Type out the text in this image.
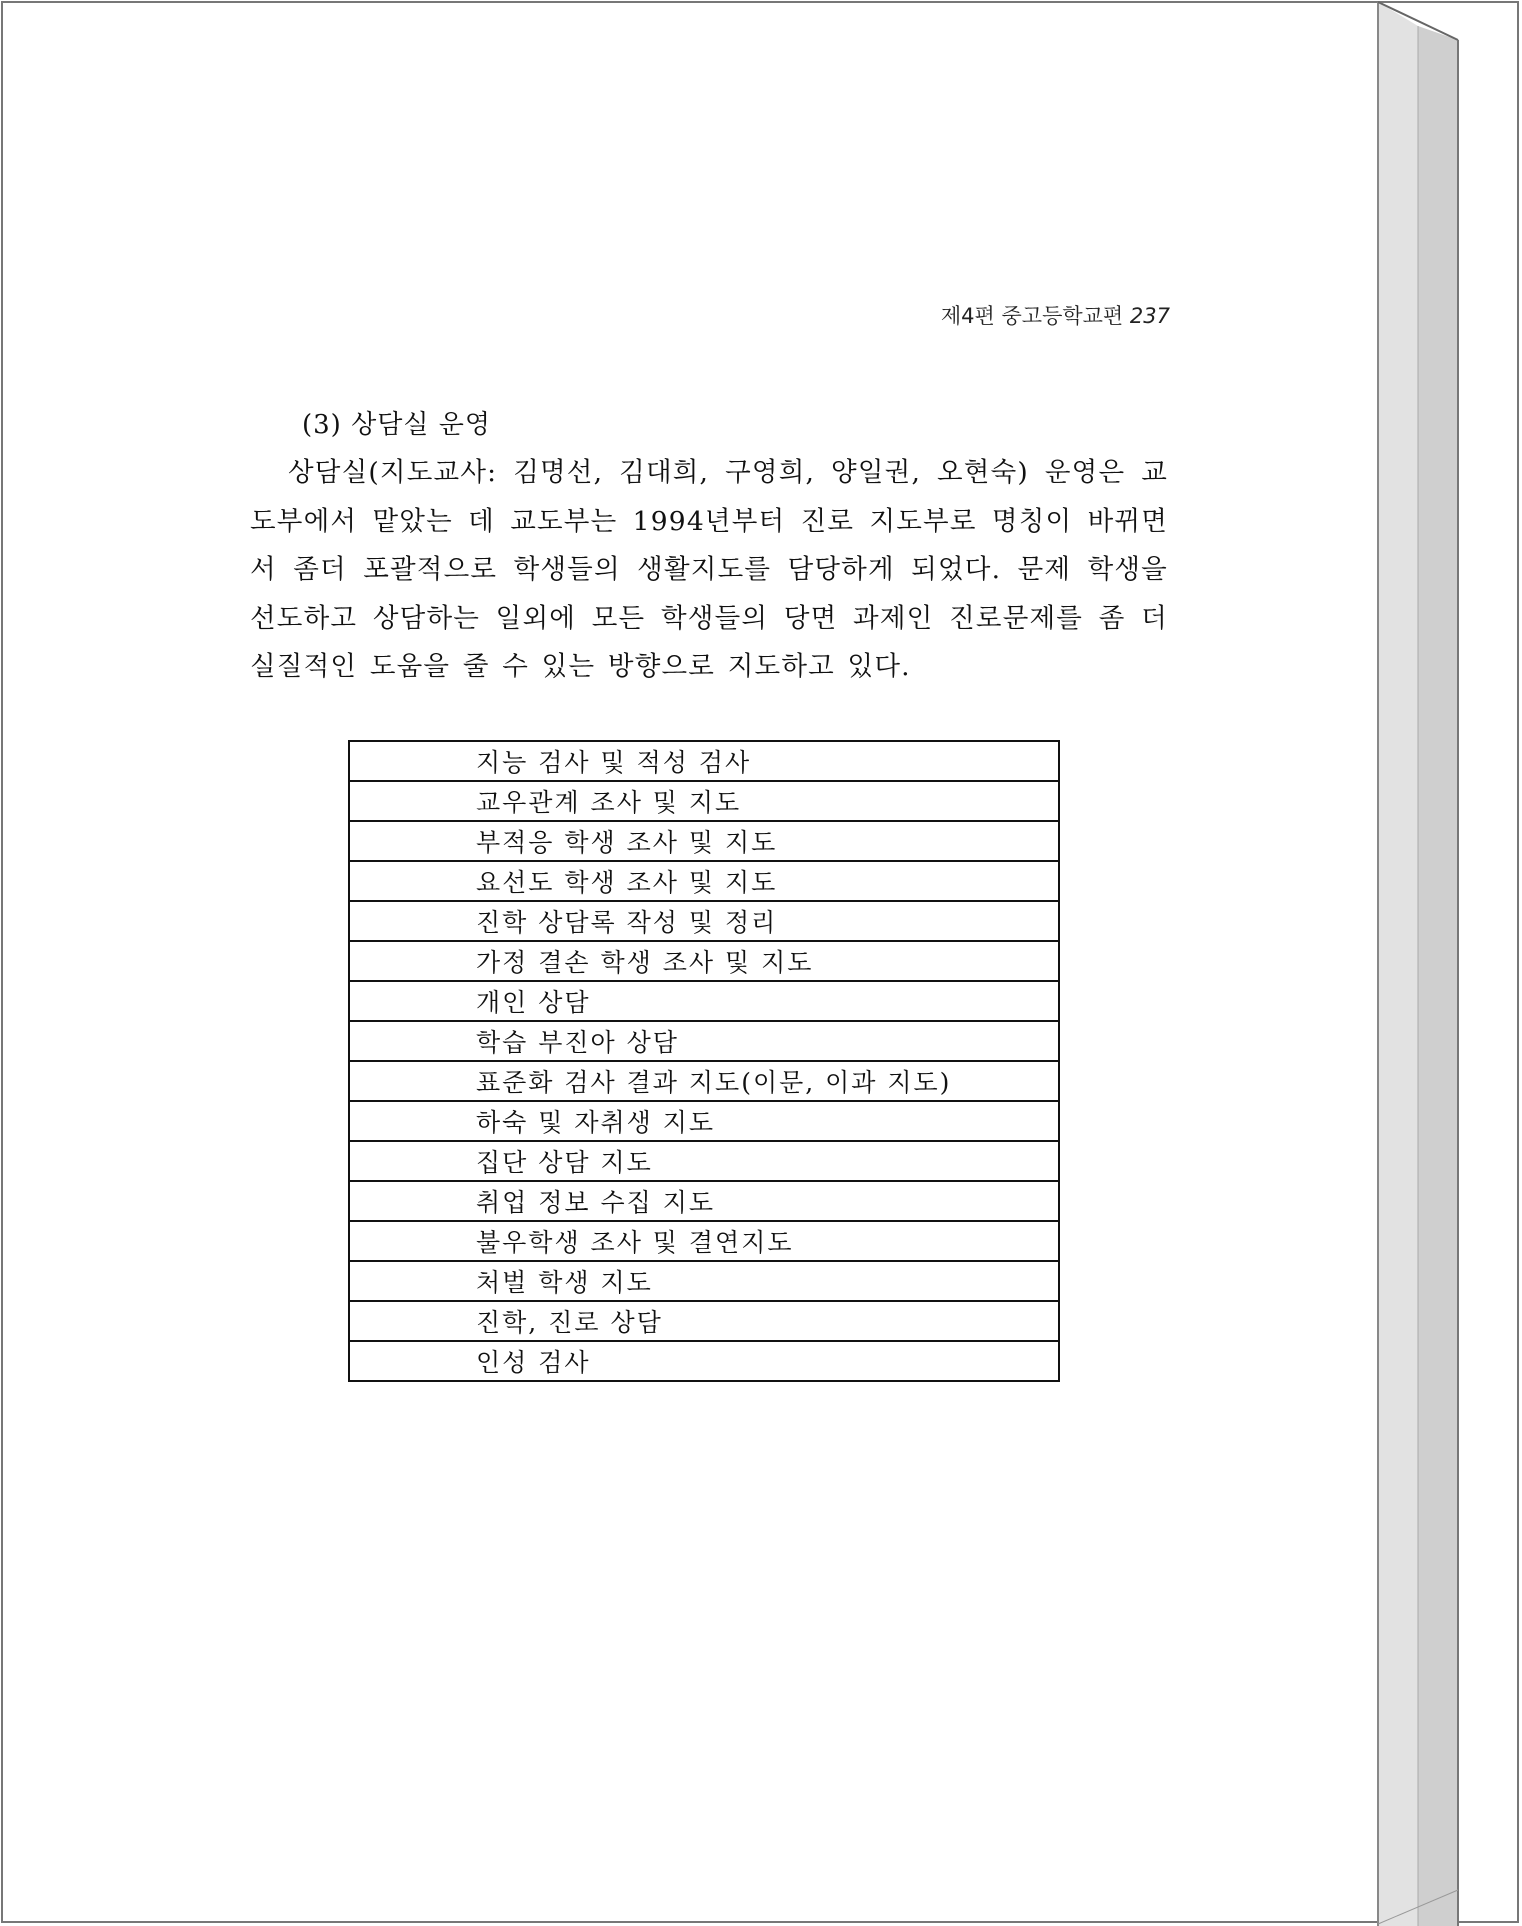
제4편 중고등학교편 237
(3) 상담실 운영
상담실(지도교사: 김명선, 김대희, 구영희, 양일권, 오현숙) 운영은 교도부에서 맡았는 데 교도부는 1994년부터 진로 지도부로 명칭이 바뀌면서 좀더 포괄적으로 학생들의 생활지도를 담당하게 되었다. 문제 학생을 선도하고 상담하는 일외에 모든 학생들의 당면 과제인 진로문제를 좀 더 실질적인 도움을 줄 수 있는 방향으로 지도하고 있다.
지능 검사 및 적성 검사
교우관계 조사 및 지도
부적응 학생 조사 및 지도
요선도 학생 조사 및 지도
진학 상담록 작성 및 정리
가정 결손 학생 조사 및 지도
개인 상담
학습 부진아 상담
표준화 검사 결과 지도(이문, 이과 지도)
하숙 및 자취생 지도
집단 상담 지도
취업 정보 수집 지도
불우학생 조사 및 결연지도
처벌 학생 지도
진학, 진로 상담
인성 검사
